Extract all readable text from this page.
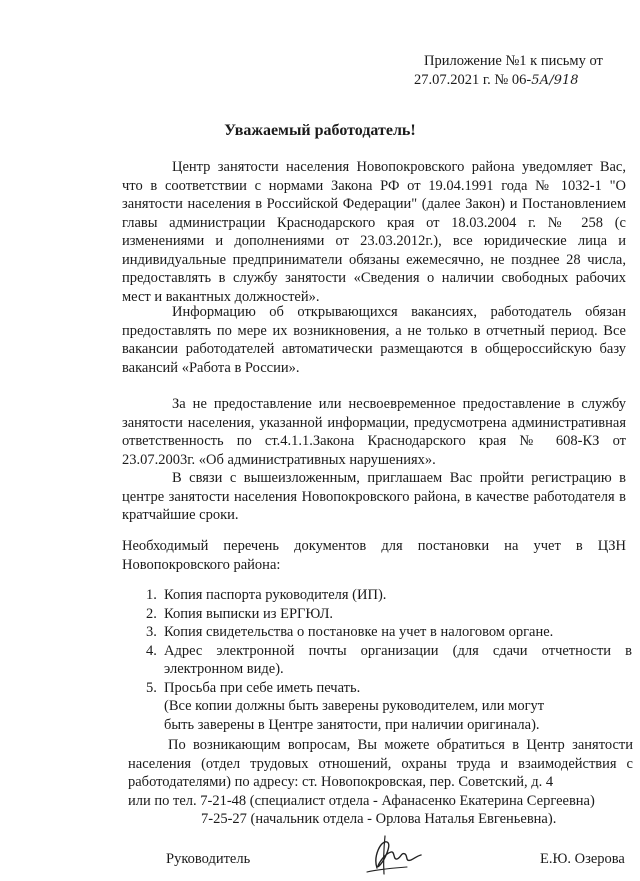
Приложение №1 к письму от
27.07.2021 г. № 06-5А/918
Уважаемый работодатель!
Центр занятости населения Новопокровского района уведомляет Вас, что в соответствии с нормами Закона РФ от 19.04.1991 года № 1032-1 "О занятости населения в Российской Федерации" (далее Закон) и Постановлением главы администрации Краснодарского края от 18.03.2004 г. № 258 (с изменениями и дополнениями от 23.03.2012г.), все юридические лица и индивидуальные предприниматели обязаны ежемесячно, не позднее 28 числа, предоставлять в службу занятости «Сведения о наличии свободных рабочих мест и вакантных должностей».
Информацию об открывающихся вакансиях, работодатель обязан предоставлять по мере их возникновения, а не только в отчетный период. Все вакансии работодателей автоматически размещаются в общероссийскую базу вакансий «Работа в России».
За не предоставление или несвоевременное предоставление в службу занятости населения, указанной информации, предусмотрена административная ответственность по ст.4.1.1.Закона Краснодарского края № 608-КЗ от 23.07.2003г. «Об административных нарушениях».
В связи с вышеизложенным, приглашаем Вас пройти регистрацию в центре занятости населения Новопокровского района, в качестве работодателя в кратчайшие сроки.
Необходимый перечень документов для постановки на учет в ЦЗН Новопокровского района:
1. Копия паспорта руководителя (ИП).
2. Копия выписки из ЕРГЮЛ.
3. Копия свидетельства о постановке на учет в налоговом органе.
4. Адрес электронной почты организации (для сдачи отчетности в электронном виде).
5. Просьба при себе иметь печать.
(Все копии должны быть заверены руководителем, или могут
быть заверены в Центре занятости, при наличии оригинала).
По возникающим вопросам, Вы можете обратиться в Центр занятости населения (отдел трудовых отношений, охраны труда и взаимодействия с работодателями) по адресу: ст. Новопокровская, пер. Советский, д. 4
или по тел. 7-21-48 (специалист отдела - Афанасенко Екатерина Сергеевна)
7-25-27 (начальник отдела - Орлова Наталья Евгеньевна).
Руководитель	Е.Ю. Озерова
